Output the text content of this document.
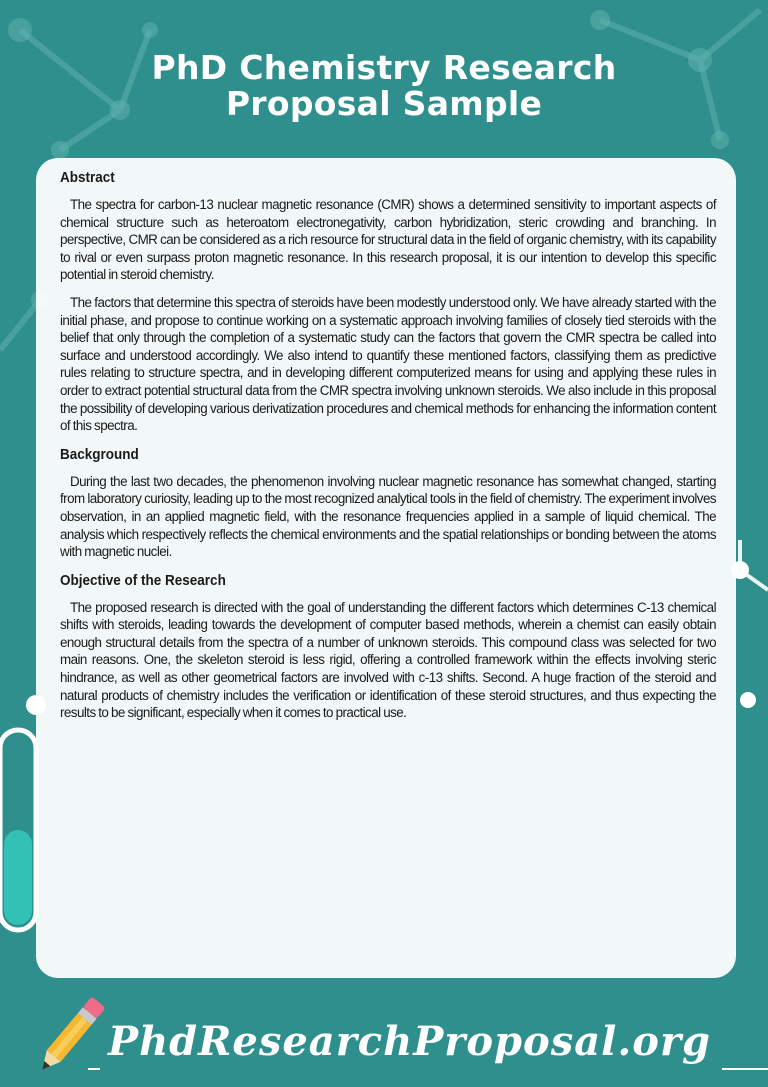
PhD Chemistry Research
Proposal Sample
Abstract

The spectra for carbon-13 nuclear magnetic resonance (CMR) shows a determined sensitivity to important aspects of chemical structure such as heteroatom electronegativity, carbon hybridization, steric crowding and branching. In perspective, CMR can be considered as a rich resource for structural data in the field of organic chemistry, with its capability to rival or even surpass proton magnetic resonance. In this research proposal, it is our intention to develop this specific potential in steroid chemistry.

The factors that determine this spectra of steroids have been modestly understood only. We have already started with the initial phase, and propose to continue working on a systematic approach involving families of closely tied steroids with the belief that only through the completion of a systematic study can the factors that govern the CMR spectra be called into surface and understood accordingly. We also intend to quantify these mentioned factors, classifying them as predictive rules relating to structure spectra, and in developing different computerized means for using and applying these rules in order to extract potential structural data from the CMR spectra involving unknown steroids. We also include in this proposal the possibility of developing various derivatization procedures and chemical methods for enhancing the information content of this spectra.

Background

During the last two decades, the phenomenon involving nuclear magnetic resonance has somewhat changed, starting from laboratory curiosity, leading up to the most recognized analytical tools in the field of chemistry. The experiment involves observation, in an applied magnetic field, with the resonance frequencies applied in a sample of liquid chemical. The analysis which respectively reflects the chemical environments and the spatial relationships or bonding between the atoms with magnetic nuclei.

Objective of the Research

The proposed research is directed with the goal of understanding the different factors which determines C-13 chemical shifts with steroids, leading towards the development of computer based methods, wherein a chemist can easily obtain enough structural details from the spectra of a number of unknown steroids. This compound class was selected for two main reasons. One, the skeleton steroid is less rigid, offering a controlled framework within the effects involving steric hindrance, as well as other geometrical factors are involved with c-13 shifts. Second. A huge fraction of the steroid and natural products of chemistry includes the verification or identification of these steroid structures, and thus expecting the results to be significant, especially when it comes to practical use.

PhdResearchProposal.org
